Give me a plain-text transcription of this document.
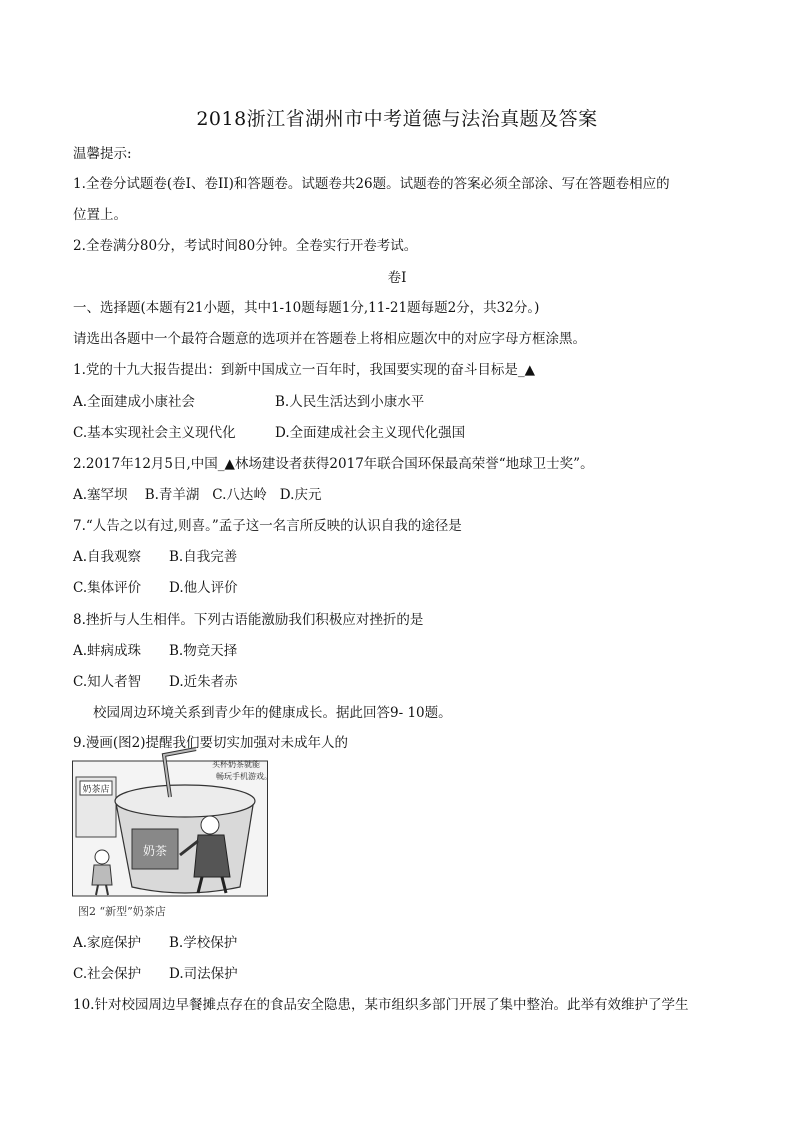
2018浙江省湖州市中考道德与法治真题及答案
温馨提示:
1.全卷分试题卷(卷I、卷II)和答题卷。试题卷共26题。试题卷的答案必须全部涂、写在答题卷相应的
位置上。
2.全卷满分80分，考试时间80分钟。全卷实行开卷考试。
卷I
一、选择题(本题有21小题，其中1-10题每题1分,11-21题每题2分，共32分。)
请选出各题中一个最符合题意的选项并在答题卷上将相应题次中的对应字母方框涂黑。
1.党的十九大报告提出：到新中国成立一百年时，我国要实现的奋斗目标是_▲
A.全面建成小康社会	B.人民生活达到小康水平
C.基本实现社会主义现代化	D.全面建成社会主义现代化强国
2.2017年12月5日,中国_▲林场建设者获得2017年联合国环保最高荣誉“地球卫士奖”。
A.塞罕坝    B.青羊湖   C.八达岭   D.庆元
7.“人告之以有过,则喜。”孟子这一名言所反映的认识自我的途径是
A.自我观察 B.自我完善
C.集体评价 D.他人评价
8.挫折与人生相伴。下列古语能激励我们积极应对挫折的是
A.蚌病成珠 B.物竞天择
C.知人者智 D.近朱者赤
校园周边环境关系到青少年的健康成长。据此回答9- 10题。
9.漫画(图2)提醒我们要切实加强对未成年人的
奶茶店
奶茶
买杯奶茶就能
畅玩手机游戏。
图2 “新型”奶茶店
A.家庭保护 B.学校保护
C.社会保护 D.司法保护
10.针对校园周边早餐摊点存在的食品安全隐患，某市组织多部门开展了集中整治。此举有效维护了学生
